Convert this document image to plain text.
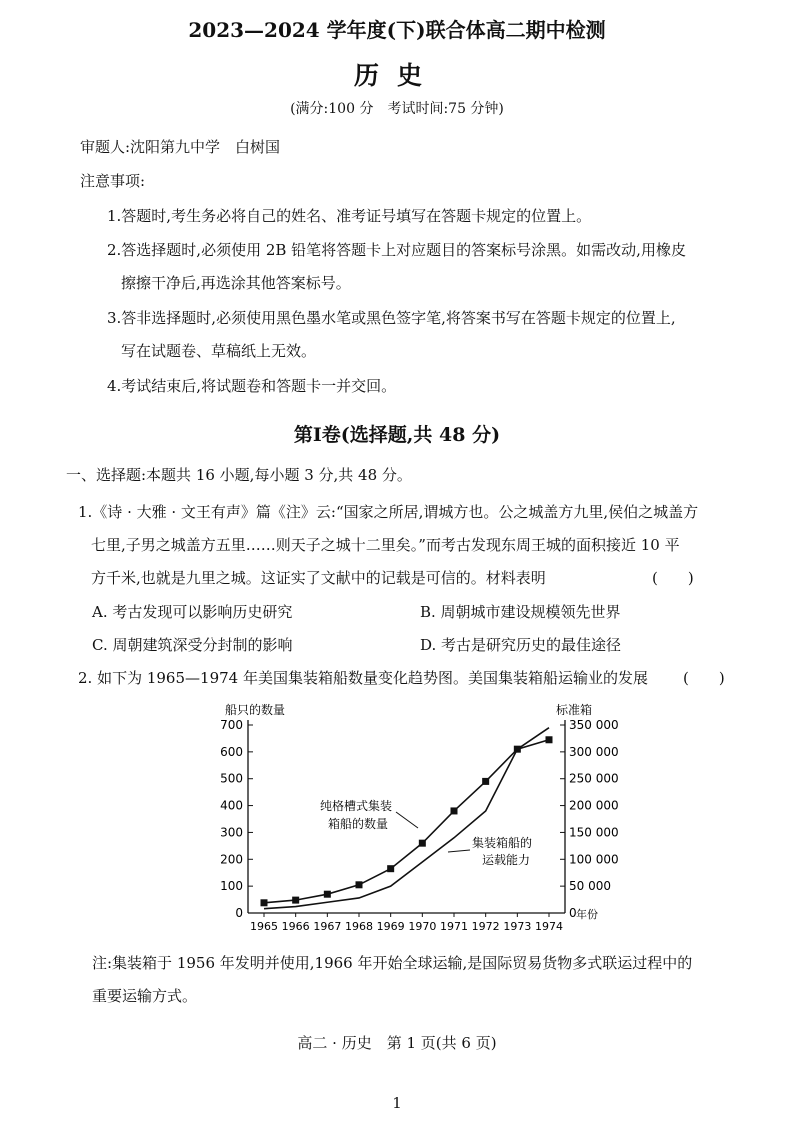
2023—2024 学年度(下)联合体高二期中检测
历史
(满分:100 分　考试时间:75 分钟)
审题人:沈阳第九中学　白树国
注意事项:
1.答题时,考生务必将自己的姓名、准考证号填写在答题卡规定的位置上。
2.答选择题时,必须使用 2B 铅笔将答题卡上对应题目的答案标号涂黑。如需改动,用橡皮
擦擦干净后,再选涂其他答案标号。
3.答非选择题时,必须使用黑色墨水笔或黑色签字笔,将答案书写在答题卡规定的位置上,
写在试题卷、草稿纸上无效。
4.考试结束后,将试题卷和答题卡一并交回。
第Ⅰ卷(选择题,共 48 分)
一、选择题:本题共 16 小题,每小题 3 分,共 48 分。
1.《诗 · 大雅 · 文王有声》篇《注》云:“国家之所居,谓城方也。公之城盖方九里,侯伯之城盖方
七里,子男之城盖方五里……则天子之城十二里矣。”而考古发现东周王城的面积接近 10 平
方千米,也就是九里之城。这证实了文献中的记载是可信的。材料表明	(　　)
A. 考古发现可以影响历史研究	B. 周朝城市建设规模领先世界
C. 周朝建筑深受分封制的影响	D. 考古是研究历史的最佳途径
2. 如下为 1965—1974 年美国集装箱船数量变化趋势图。美国集装箱船运输业的发展 (　　)
船只的数量	标准箱
年份
0
100
200
300
400
500
600
700
0
50 000
100 000
150 000
200 000
250 000
300 000
350 000
1965 1966 1967 1968 1969 1970 1971 1972 1973 1974
纯格槽式集装
箱船的数量
集装箱船的
运载能力
注:集装箱于 1956 年发明并使用,1966 年开始全球运输,是国际贸易货物多式联运过程中的
重要运输方式。
高二 · 历史　第 1 页(共 6 页)
1
